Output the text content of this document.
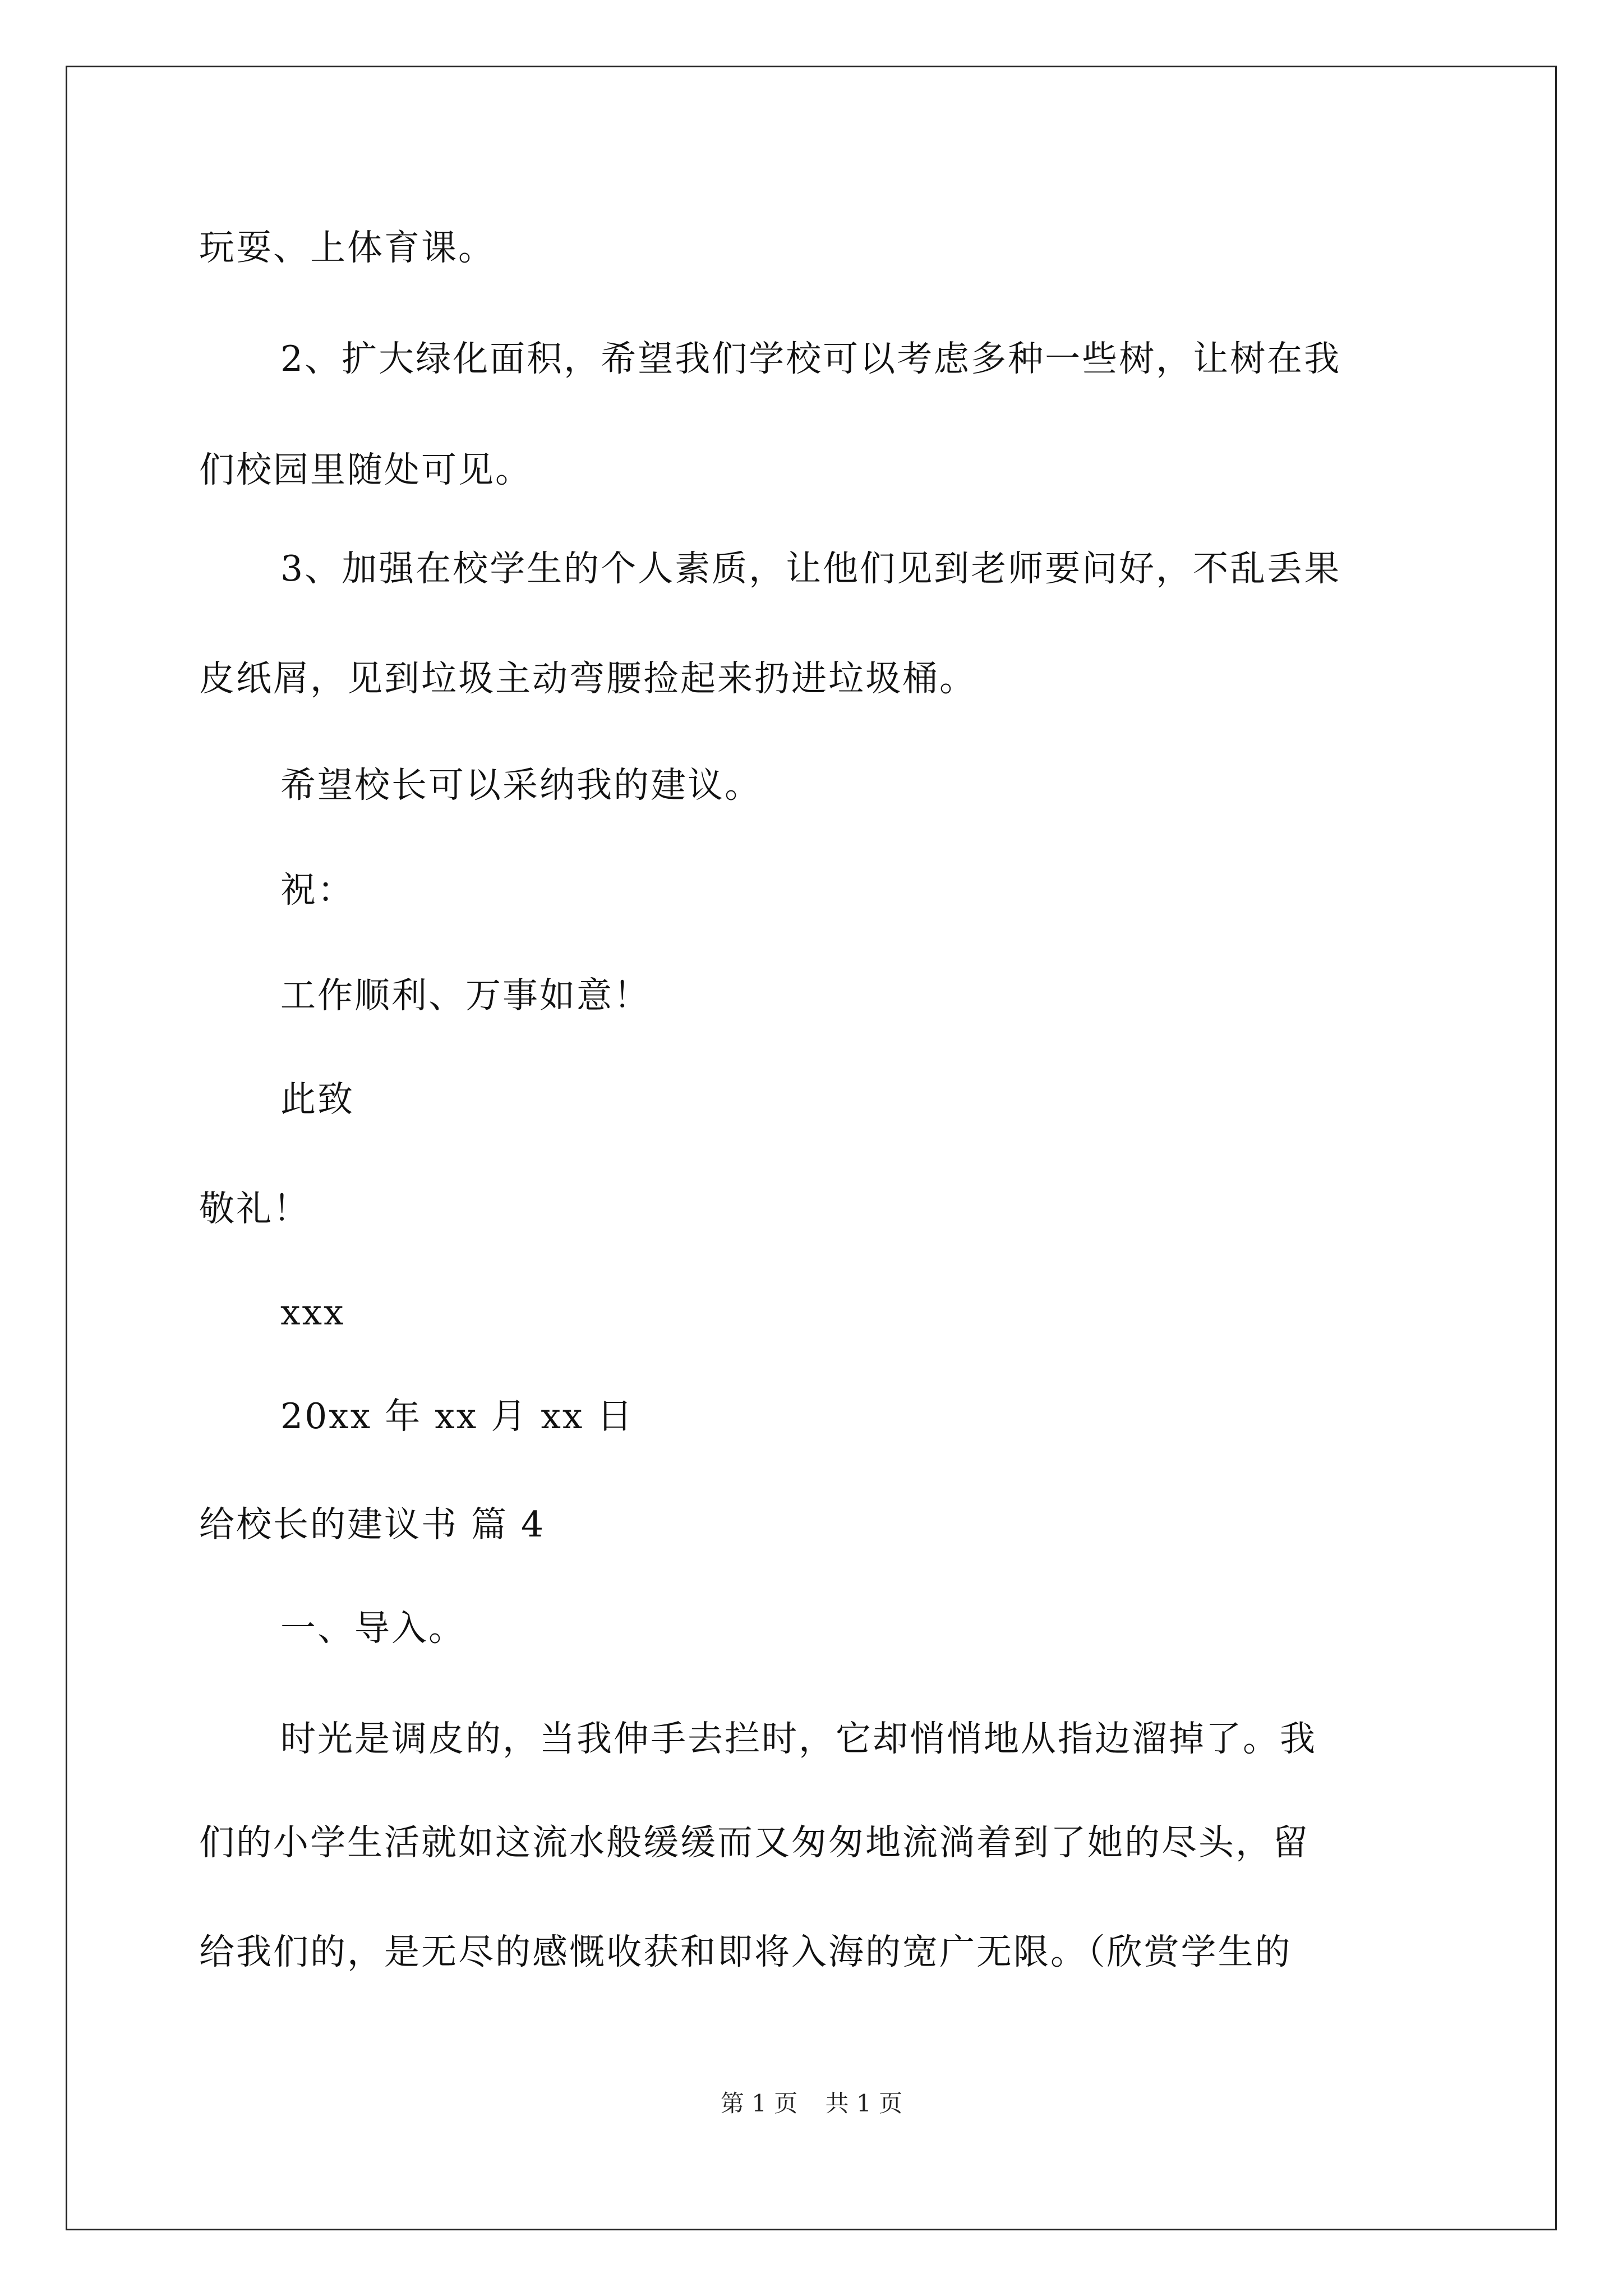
玩耍、上体育课。
2、扩大绿化面积，希望我们学校可以考虑多种一些树，让树在我
们校园里随处可见。
3、加强在校学生的个人素质，让他们见到老师要问好，不乱丢果
皮纸屑，见到垃圾主动弯腰捡起来扔进垃圾桶。
希望校长可以采纳我的建议。
祝：
工作顺利、万事如意！
此致
敬礼！
xxx
20xx 年 xx 月 xx 日
给校长的建议书 篇 4
一、导入。
时光是调皮的，当我伸手去拦时，它却悄悄地从指边溜掉了。我
们的小学生活就如这流水般缓缓而又匆匆地流淌着到了她的尽头，留
给我们的，是无尽的感慨收获和即将入海的宽广无限。（欣赏学生的
第 1 页 共 1 页
